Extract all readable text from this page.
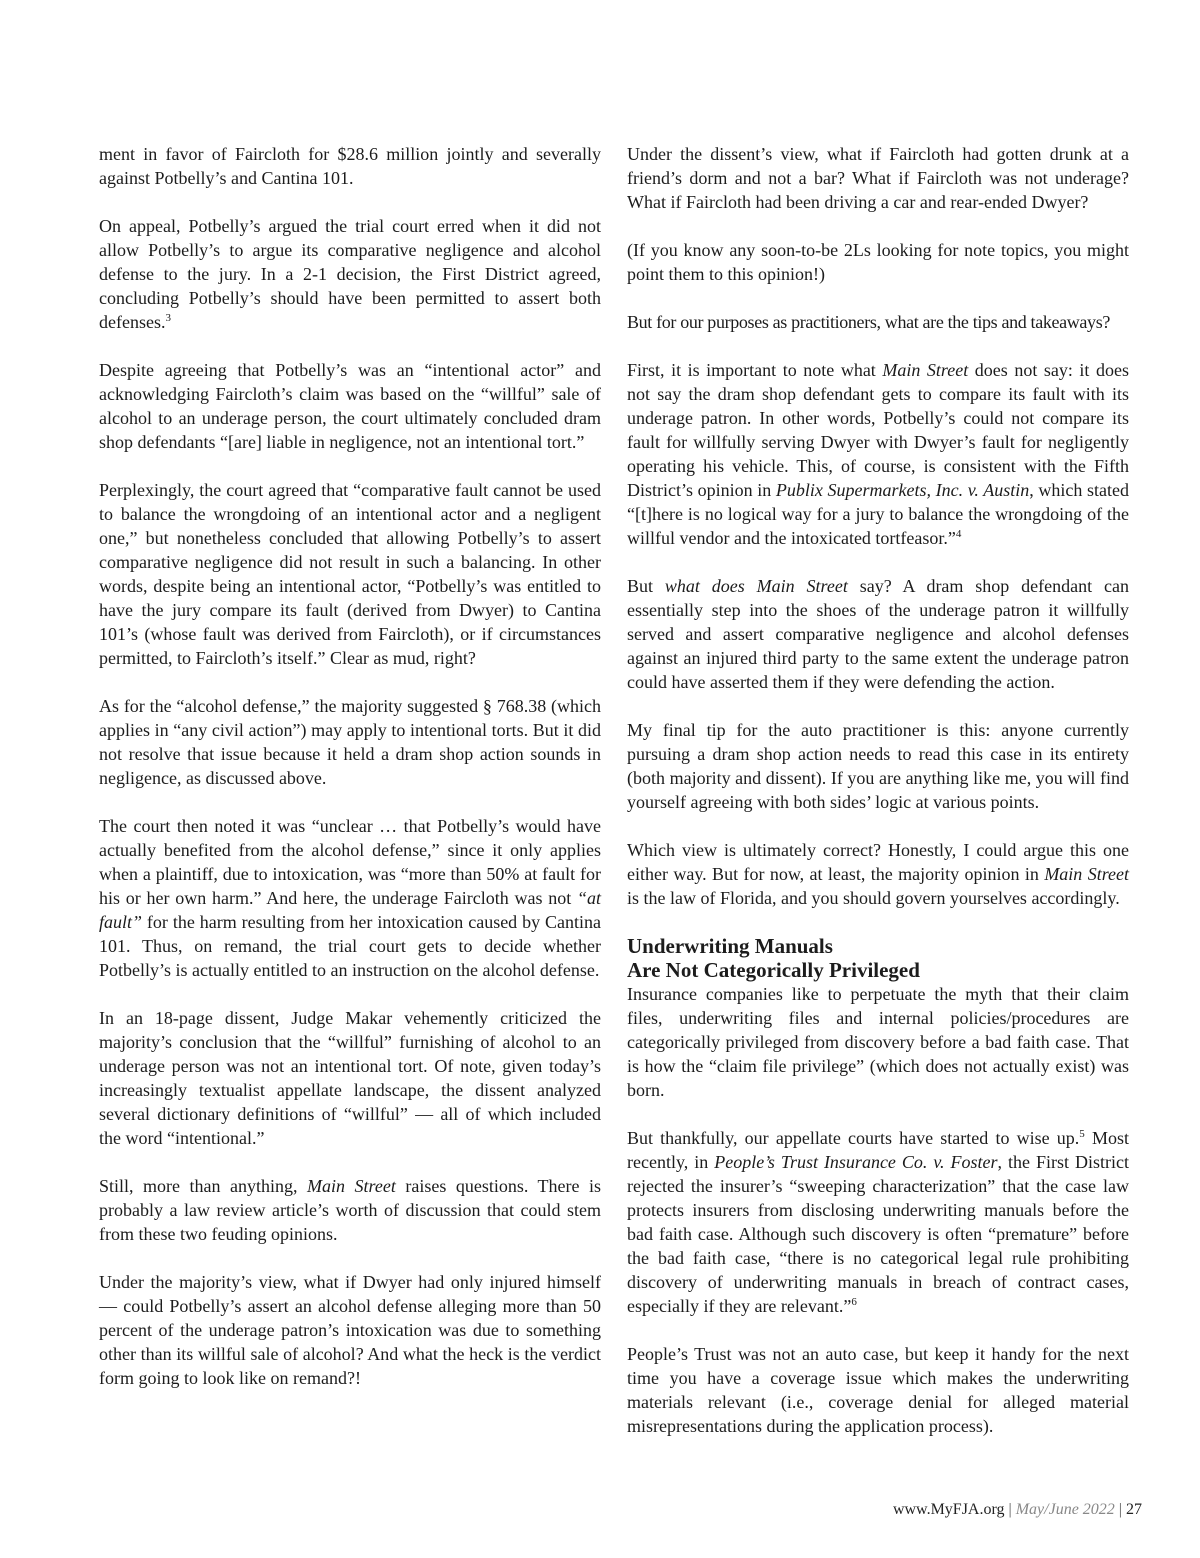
ment in favor of Faircloth for $28.6 million jointly and severally against Potbelly’s and Cantina 101.

On appeal, Potbelly’s argued the trial court erred when it did not allow Potbelly’s to argue its comparative negligence and alcohol defense to the jury. In a 2-1 decision, the First District agreed, concluding Potbelly’s should have been permitted to assert both defenses.$^3$

Despite agreeing that Potbelly’s was an “intentional actor” and acknowledging Faircloth’s claim was based on the “willful” sale of alcohol to an underage person, the court ultimately concluded dram shop defendants “[are] liable in negligence, not an intentional tort.”

Perplexingly, the court agreed that “comparative fault cannot be used to balance the wrongdoing of an intentional actor and a negligent one,” but nonetheless concluded that allowing Potbelly’s to assert comparative negligence did not result in such a balancing. In other words, despite being an intentional actor, “Potbelly’s was entitled to have the jury compare its fault (derived from Dwyer) to Cantina 101’s (whose fault was derived from Faircloth), or if circumstances permitted, to Faircloth’s itself.” Clear as mud, right?

As for the “alcohol defense,” the majority suggested § 768.38 (which applies in “any civil action”) may apply to intentional torts. But it did not resolve that issue because it held a dram shop action sounds in negligence, as discussed above.

The court then noted it was “unclear … that Potbelly’s would have actually benefited from the alcohol defense,” since it only applies when a plaintiff, due to intoxication, was “more than 50% at fault for his or her own harm.” And here, the underage Faircloth was not “at fault” for the harm resulting from her intoxication caused by Cantina 101. Thus, on remand, the trial court gets to decide whether Potbelly’s is actually entitled to an instruction on the alcohol defense.

In an 18-page dissent, Judge Makar vehemently criticized the majority’s conclusion that the “willful” furnishing of alcohol to an underage person was not an intentional tort. Of note, given today’s increasingly textualist appellate landscape, the dissent analyzed several dictionary definitions of “willful” — all of which included the word “intentional.”

Still, more than anything, Main Street raises questions. There is probably a law review article’s worth of discussion that could stem from these two feuding opinions.

Under the majority’s view, what if Dwyer had only injured himself — could Potbelly’s assert an alcohol defense alleging more than 50 percent of the underage patron’s intoxication was due to something other than its willful sale of alcohol? And what the heck is the verdict form going to look like on remand?!

Under the dissent’s view, what if Faircloth had gotten drunk at a friend’s dorm and not a bar? What if Faircloth was not underage? What if Faircloth had been driving a car and rear-ended Dwyer?

(If you know any soon-to-be 2Ls looking for note topics, you might point them to this opinion!)

But for our purposes as practitioners, what are the tips and takeaways?

First, it is important to note what Main Street does not say: it does not say the dram shop defendant gets to compare its fault with its underage patron. In other words, Potbelly’s could not compare its fault for willfully serving Dwyer with Dwyer’s fault for negligently operating his vehicle. This, of course, is consistent with the Fifth District’s opinion in Publix Supermarkets, Inc. v. Austin, which stated “[t]here is no logical way for a jury to balance the wrongdoing of the willful vendor and the intoxicated tortfeasor.”$^4$

But what does Main Street say? A dram shop defendant can essentially step into the shoes of the underage patron it willfully served and assert comparative negligence and alcohol defenses against an injured third party to the same extent the underage patron could have asserted them if they were defending the action.

My final tip for the auto practitioner is this: anyone currently pursuing a dram shop action needs to read this case in its entirety (both majority and dissent). If you are anything like me, you will find yourself agreeing with both sides’ logic at various points.

Which view is ultimately correct? Honestly, I could argue this one either way. But for now, at least, the majority opinion in Main Street is the law of Florida, and you should govern yourselves accordingly.

Underwriting Manuals
Are Not Categorically Privileged

Insurance companies like to perpetuate the myth that their claim files, underwriting files and internal policies/procedures are categorically privileged from discovery before a bad faith case. That is how the “claim file privilege” (which does not actually exist) was born.

But thankfully, our appellate courts have started to wise up.$^5$ Most recently, in People’s Trust Insurance Co. v. Foster, the First District rejected the insurer’s “sweeping characterization” that the case law protects insurers from disclosing underwriting manuals before the bad faith case. Although such discovery is often “premature” before the bad faith case, “there is no categorical legal rule prohibiting discovery of underwriting manuals in breach of contract cases, especially if they are relevant.”$^6$

People’s Trust was not an auto case, but keep it handy for the next time you have a coverage issue which makes the underwriting materials relevant (i.e., coverage denial for alleged material misrepresentations during the application process).

www.MyFJA.org | May/June 2022 | 27
